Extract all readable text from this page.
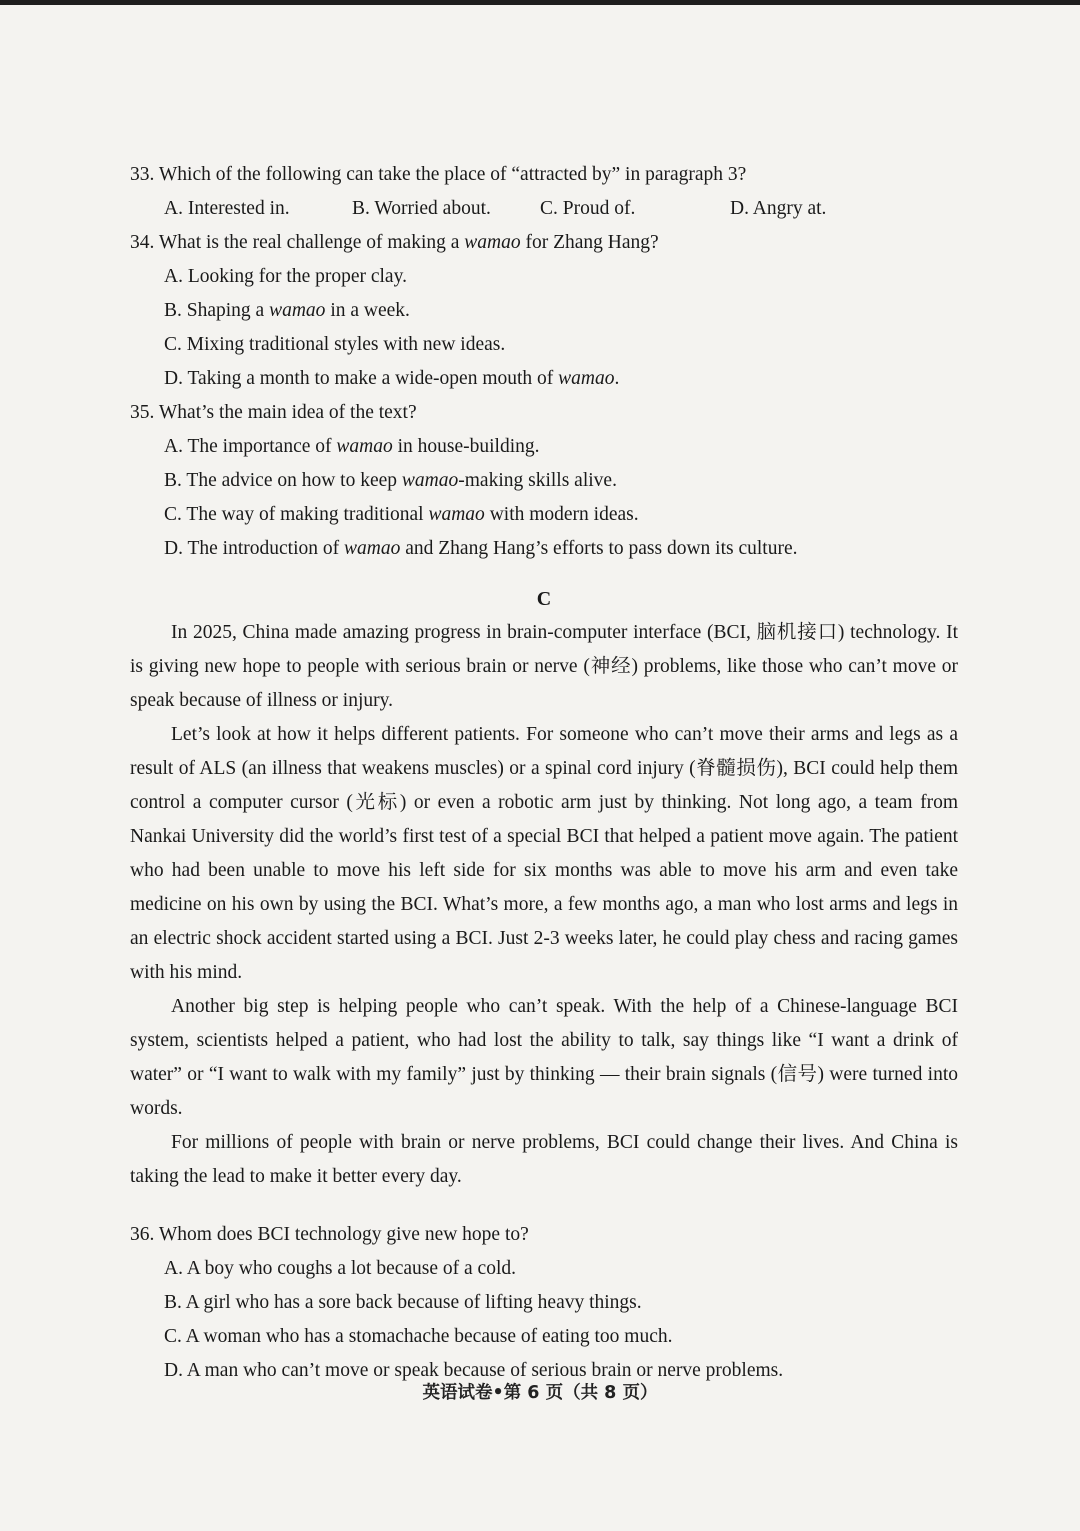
33. Which of the following can take the place of “attracted by” in paragraph 3?
A. Interested in.	B. Worried about.	C. Proud of.	D. Angry at.
34. What is the real challenge of making a wamao for Zhang Hang?
A. Looking for the proper clay.
B. Shaping a wamao in a week.
C. Mixing traditional styles with new ideas.
D. Taking a month to make a wide-open mouth of wamao.
35. What’s the main idea of the text?
A. The importance of wamao in house-building.
B. The advice on how to keep wamao-making skills alive.
C. The way of making traditional wamao with modern ideas.
D. The introduction of wamao and Zhang Hang’s efforts to pass down its culture.
C

In 2025, China made amazing progress in brain-computer interface (BCI, 脑机接口) technology. It is giving new hope to people with serious brain or nerve (神经) problems, like those who can’t move or speak because of illness or injury.

Let’s look at how it helps different patients. For someone who can’t move their arms and legs as a result of ALS (an illness that weakens muscles) or a spinal cord injury (脊髓损伤), BCI could help them control a computer cursor (光标) or even a robotic arm just by thinking. Not long ago, a team from Nankai University did the world’s first test of a special BCI that helped a patient move again. The patient who had been unable to move his left side for six months was able to move his arm and even take medicine on his own by using the BCI. What’s more, a few months ago, a man who lost arms and legs in an electric shock accident started using a BCI. Just 2-3 weeks later, he could play chess and racing games with his mind.

Another big step is helping people who can’t speak. With the help of a Chinese-language BCI system, scientists helped a patient, who had lost the ability to talk, say things like “I want a drink of water” or “I want to walk with my family” just by thinking — their brain signals (信号) were turned into words.

For millions of people with brain or nerve problems, BCI could change their lives. And China is taking the lead to make it better every day.

36. Whom does BCI technology give new hope to?
A. A boy who coughs a lot because of a cold.
B. A girl who has a sore back because of lifting heavy things.
C. A woman who has a stomachache because of eating too much.
D. A man who can’t move or speak because of serious brain or nerve problems.
英语试卷•第 6 页（共 8 页）
